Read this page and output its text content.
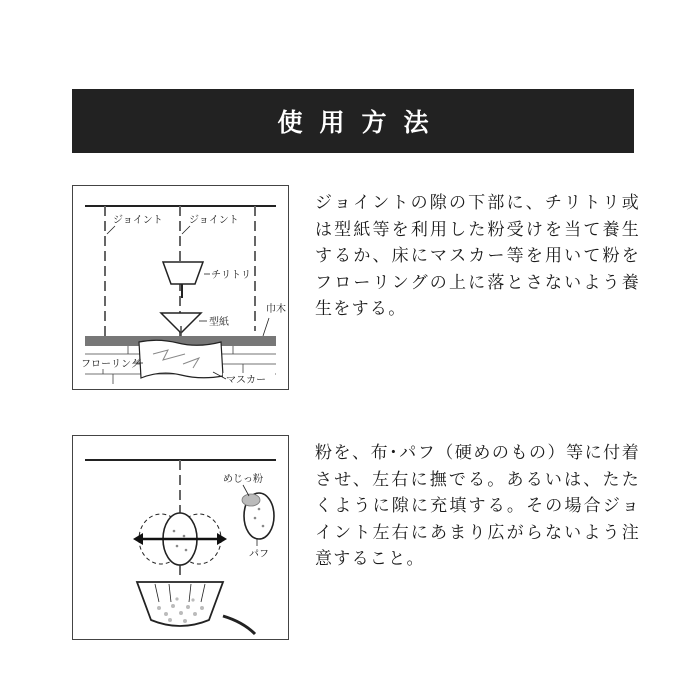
使用方法
ジョイント	ジョイント
チリトリ
型紙
巾木
フローリング
マスカー

ジョイントの隙の下部に、チリトリ或は型紙等を利用した粉受けを当て養生するか、床にマスカー等を用いて粉をフローリングの上に落とさないよう養生をする。

めじっ粉
パフ

粉を、布･パフ（硬めのもの）等に付着させ、左右に撫でる。あるいは、たたくように隙に充填する。その場合ジョイント左右にあまり広がらないよう注意すること。
